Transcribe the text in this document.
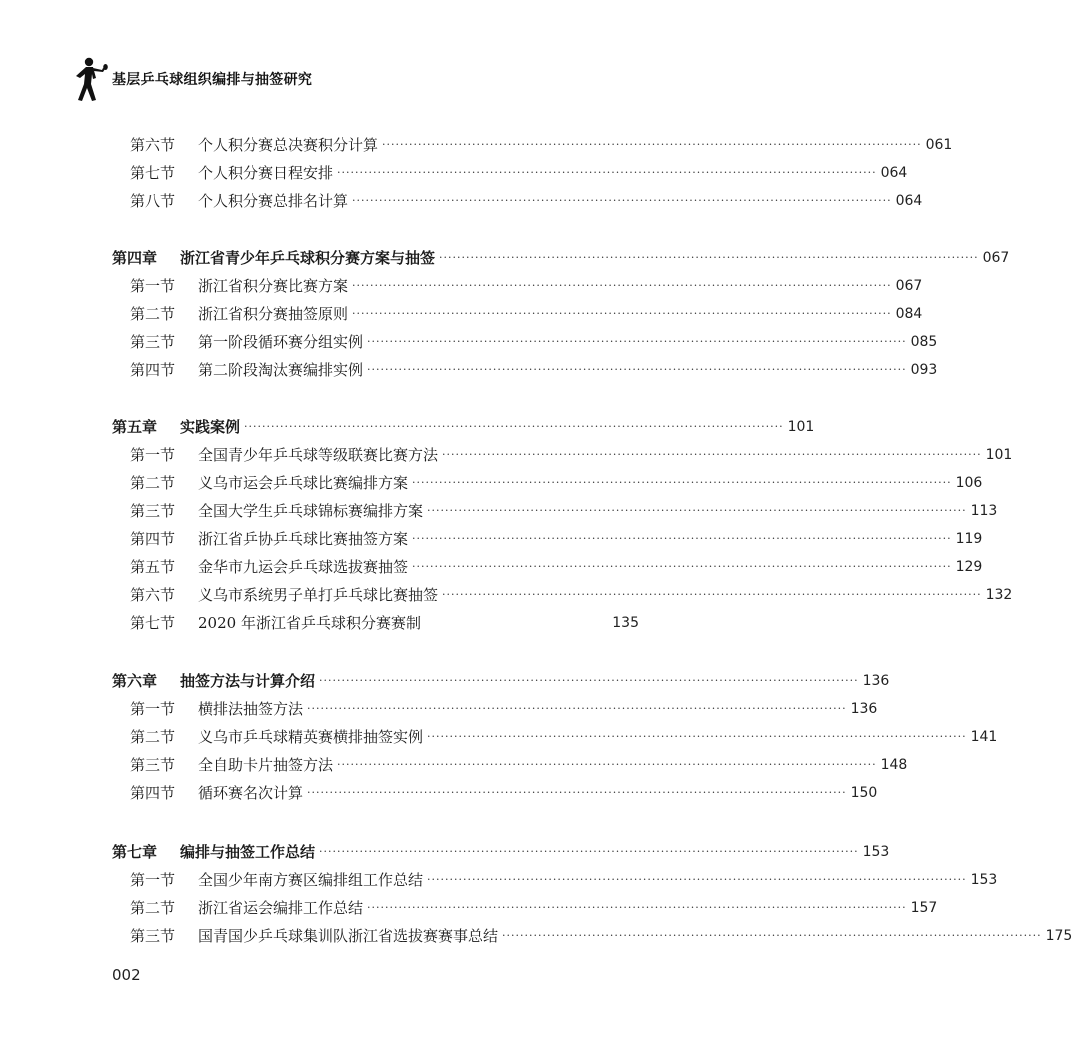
基层乒乓球组织编排与抽签研究
第六节	个人积分赛总决赛积分计算 ························································································································ 061
第七节	个人积分赛日程安排 ························································································································ 064
第八节	个人积分赛总排名计算 ························································································································ 064
第四章	浙江省青少年乒乓球积分赛方案与抽签 ························································································································ 067
第一节	浙江省积分赛比赛方案 ························································································································ 067
第二节	浙江省积分赛抽签原则 ························································································································ 084
第三节	第一阶段循环赛分组实例 ························································································································ 085
第四节	第二阶段淘汰赛编排实例 ························································································································ 093
第五章	实践案例 ························································································································ 101
第一节	全国青少年乒乓球等级联赛比赛方法 ························································································································ 101
第二节	义乌市运会乒乓球比赛编排方案 ························································································································ 106
第三节	全国大学生乒乓球锦标赛编排方案 ························································································································ 113
第四节	浙江省乒协乒乓球比赛抽签方案 ························································································································ 119
第五节	金华市九运会乒乓球选拔赛抽签 ························································································································ 129
第六节	义乌市系统男子单打乒乓球比赛抽签 ························································································································ 132
第七节	2020 年浙江省乒乓球积分赛赛制	135
第六章	抽签方法与计算介绍 ························································································································ 136
第一节	横排法抽签方法 ························································································································ 136
第二节	义乌市乒乓球精英赛横排抽签实例 ························································································································ 141
第三节	全自助卡片抽签方法 ························································································································ 148
第四节	循环赛名次计算 ························································································································ 150
第七章	编排与抽签工作总结 ························································································································ 153
第一节	全国少年南方赛区编排组工作总结 ························································································································ 153
第二节	浙江省运会编排工作总结 ························································································································ 157
第三节	国青国少乒乓球集训队浙江省选拔赛赛事总结 ························································································································ 175
002
